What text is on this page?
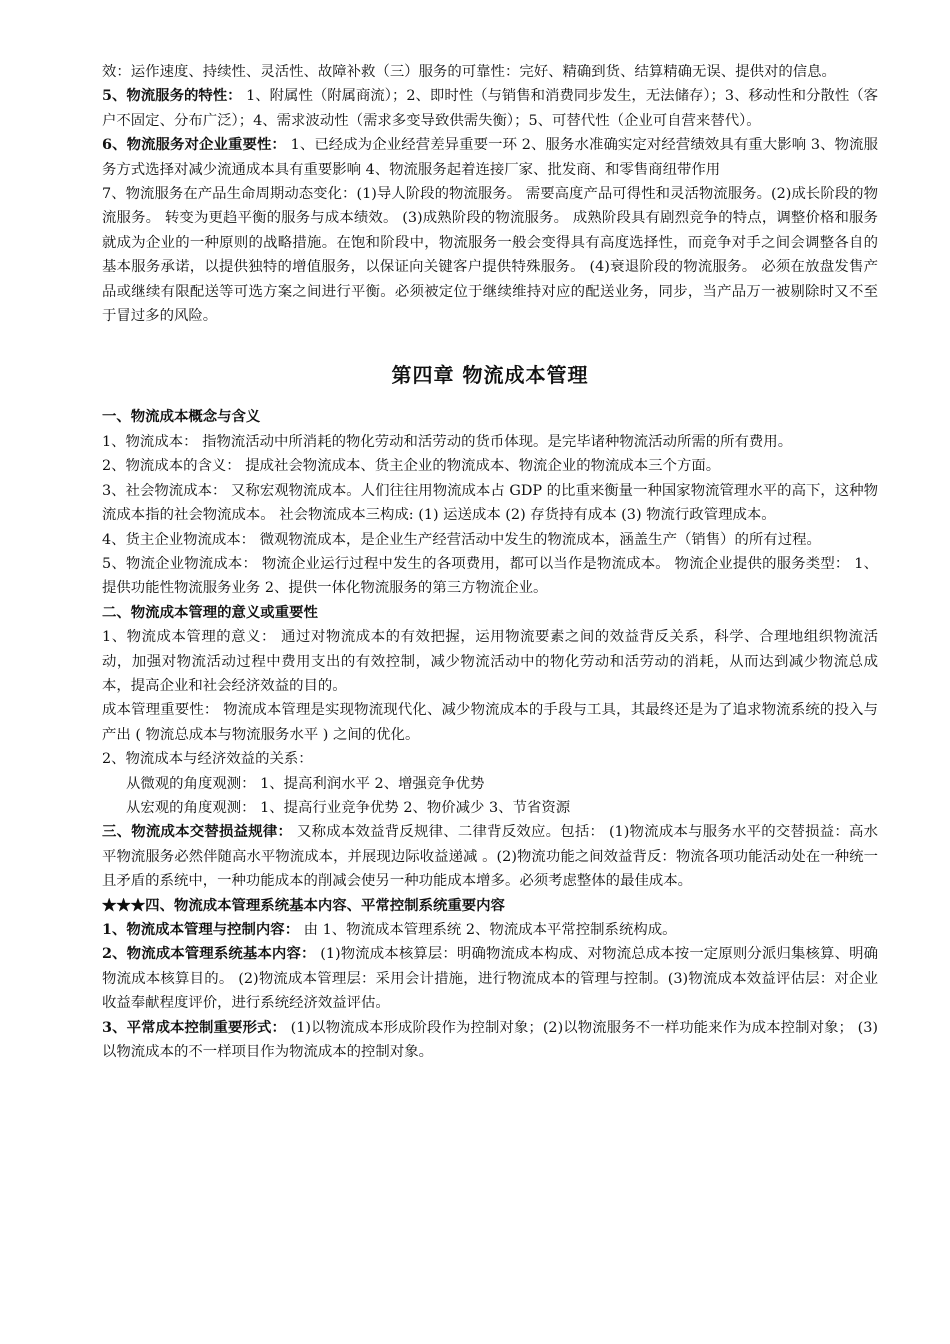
效：运作速度、持续性、灵活性、故障补救（三）服务的可靠性：完好、精确到货、结算精确无误、提供对的信息。

5、物流服务的特性： 1、附属性（附属商流）；2、即时性（与销售和消费同步发生，无法储存）；3、移动性和分散性（客户不固定、分布广泛）；4、需求波动性（需求多变导致供需失衡）；5、可替代性（企业可自营来替代）。

6、物流服务对企业重要性： 1、已经成为企业经营差异重要一环 2、服务水准确实定对经营绩效具有重大影响 3、物流服务方式选择对减少流通成本具有重要影响 4、物流服务起着连接厂家、批发商、和零售商纽带作用

7、物流服务在产品生命周期动态变化：(1)导人阶段的物流服务。 需要高度产品可得性和灵活物流服务。(2)成长阶段的物流服务。 转变为更趋平衡的服务与成本绩效。 (3)成熟阶段的物流服务。 成熟阶段具有剧烈竞争的特点，调整价格和服务就成为企业的一种原则的战略措施。在饱和阶段中，物流服务一般会变得具有高度选择性，而竞争对手之间会调整各自的基本服务承诺，以提供独特的增值服务，以保证向关键客户提供特殊服务。 (4)衰退阶段的物流服务。 必须在放盘发售产品或继续有限配送等可选方案之间进行平衡。必须被定位于继续维持对应的配送业务，同步，当产品万一被剔除时又不至于冒过多的风险。

第四章 物流成本管理

一、物流成本概念与含义

1、物流成本： 指物流活动中所消耗的物化劳动和活劳动的货币体现。是完毕诸种物流活动所需的所有费用。

2、物流成本的含义： 提成社会物流成本、货主企业的物流成本、物流企业的物流成本三个方面。

3、社会物流成本： 又称宏观物流成本。人们往往用物流成本占 GDP 的比重来衡量一种国家物流管理水平的高下，这种物流成本指的社会物流成本。 社会物流成本三构成: (1) 运送成本 (2) 存货持有成本 (3) 物流行政管理成本。

4、货主企业物流成本： 微观物流成本，是企业生产经营活动中发生的物流成本，涵盖生产（销售）的所有过程。

5、物流企业物流成本： 物流企业运行过程中发生的各项费用，都可以当作是物流成本。 物流企业提供的服务类型： 1、提供功能性物流服务业务 2、提供一体化物流服务的第三方物流企业。

二、物流成本管理的意义或重要性

1、物流成本管理的意义： 通过对物流成本的有效把握，运用物流要素之间的效益背反关系，科学、合理地组织物流活动，加强对物流活动过程中费用支出的有效控制，减少物流活动中的物化劳动和活劳动的消耗，从而达到减少物流总成本，提高企业和社会经济效益的目的。

成本管理重要性： 物流成本管理是实现物流现代化、减少物流成本的手段与工具，其最终还是为了追求物流系统的投入与产出 ( 物流总成本与物流服务水平 ) 之间的优化。

2、物流成本与经济效益的关系：

从微观的角度观测： 1、提高利润水平 2、增强竞争优势

从宏观的角度观测： 1、提高行业竞争优势 2、物价减少 3、节省资源

三、物流成本交替损益规律： 又称成本效益背反规律、二律背反效应。包括： (1)物流成本与服务水平的交替损益：高水平物流服务必然伴随高水平物流成本，并展现边际收益递减 。(2)物流功能之间效益背反：物流各项功能活动处在一种统一且矛盾的系统中，一种功能成本的削减会使另一种功能成本增多。必须考虑整体的最佳成本。

★★★四、物流成本管理系统基本内容、平常控制系统重要内容

1、物流成本管理与控制内容： 由 1、物流成本管理系统 2、物流成本平常控制系统构成。

2、物流成本管理系统基本内容： (1)物流成本核算层：明确物流成本构成、对物流总成本按一定原则分派归集核算、明确物流成本核算目的。 (2)物流成本管理层：采用会计措施，进行物流成本的管理与控制。(3)物流成本效益评估层：对企业收益奉献程度评价，进行系统经济效益评估。

3、平常成本控制重要形式： (1)以物流成本形成阶段作为控制对象；(2)以物流服务不一样功能来作为成本控制对象； (3)以物流成本的不一样项目作为物流成本的控制对象。
